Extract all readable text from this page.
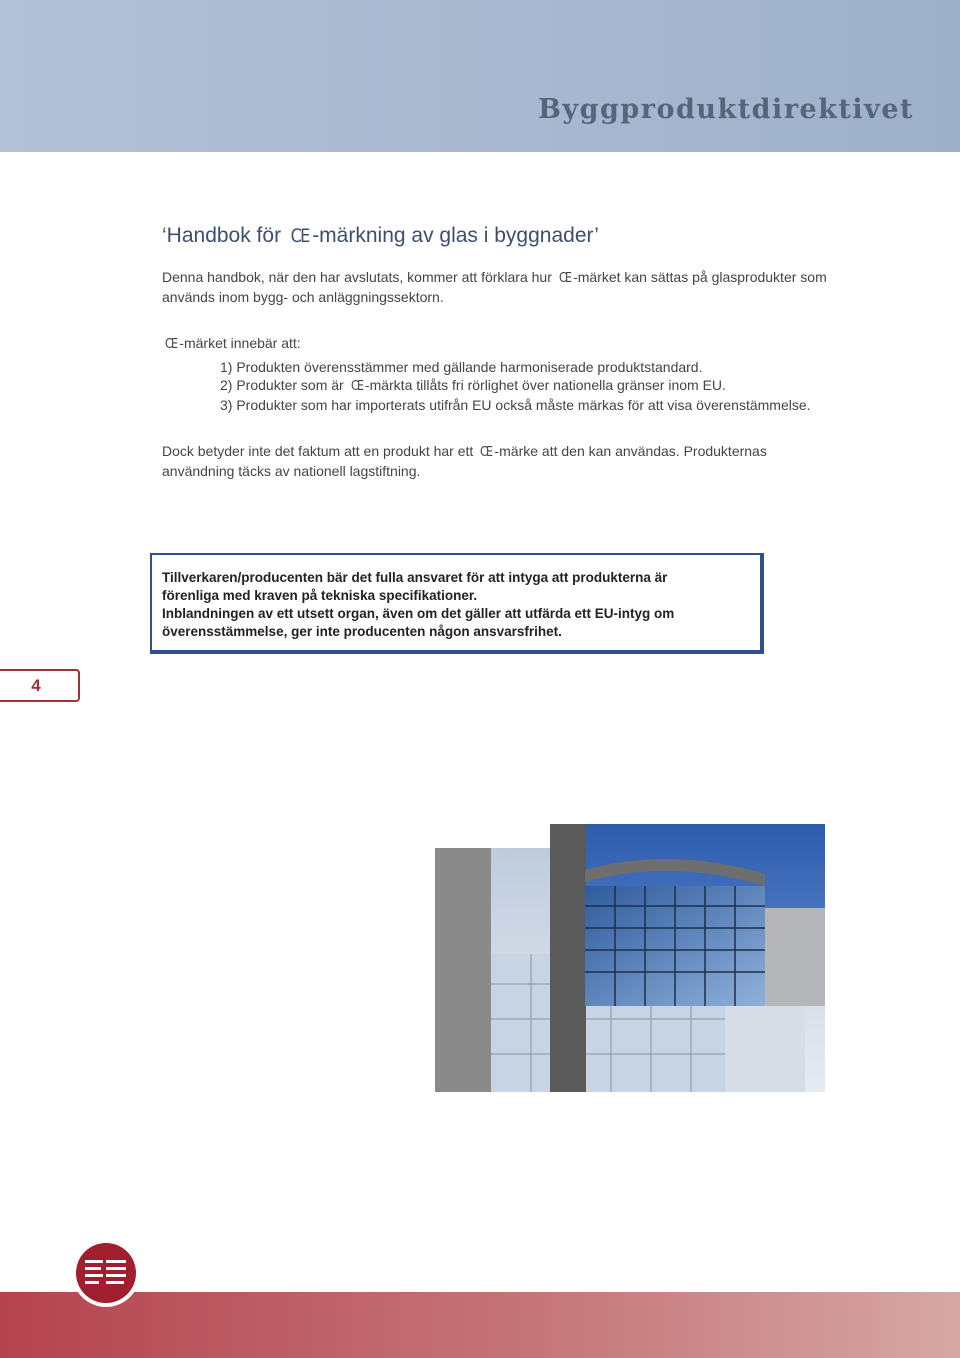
Byggproduktdirektivet
‘Handbok för CE -märkning av glas i byggnader’

Denna handbok, när den har avslutats, kommer att förklara hur CE -märket kan sättas på glasprodukter som
används inom bygg- och anläggningssektorn.

CE -märket innebär att:

1) Produkten överensstämmer med gällande harmoniserade produktstandard.

2) Produkter som är CE -märkta tillåts fri rörlighet över nationella gränser inom EU.

3) Produkter som har importerats utifrån EU också måste märkas för att visa överenstämmelse.

Dock betyder inte det faktum att en produkt har ett CE -märke att den kan användas. Produkternas
användning täcks av nationell lagstiftning.

Tillverkaren/producenten bär det fulla ansvaret för att intyga att produkterna är

förenliga med kraven på tekniska specifikationer.

Inblandningen av ett utsett organ, även om det gäller att utfärda ett EU-intyg om

överensstämmelse, ger inte producenten någon ansvarsfrihet.

4
